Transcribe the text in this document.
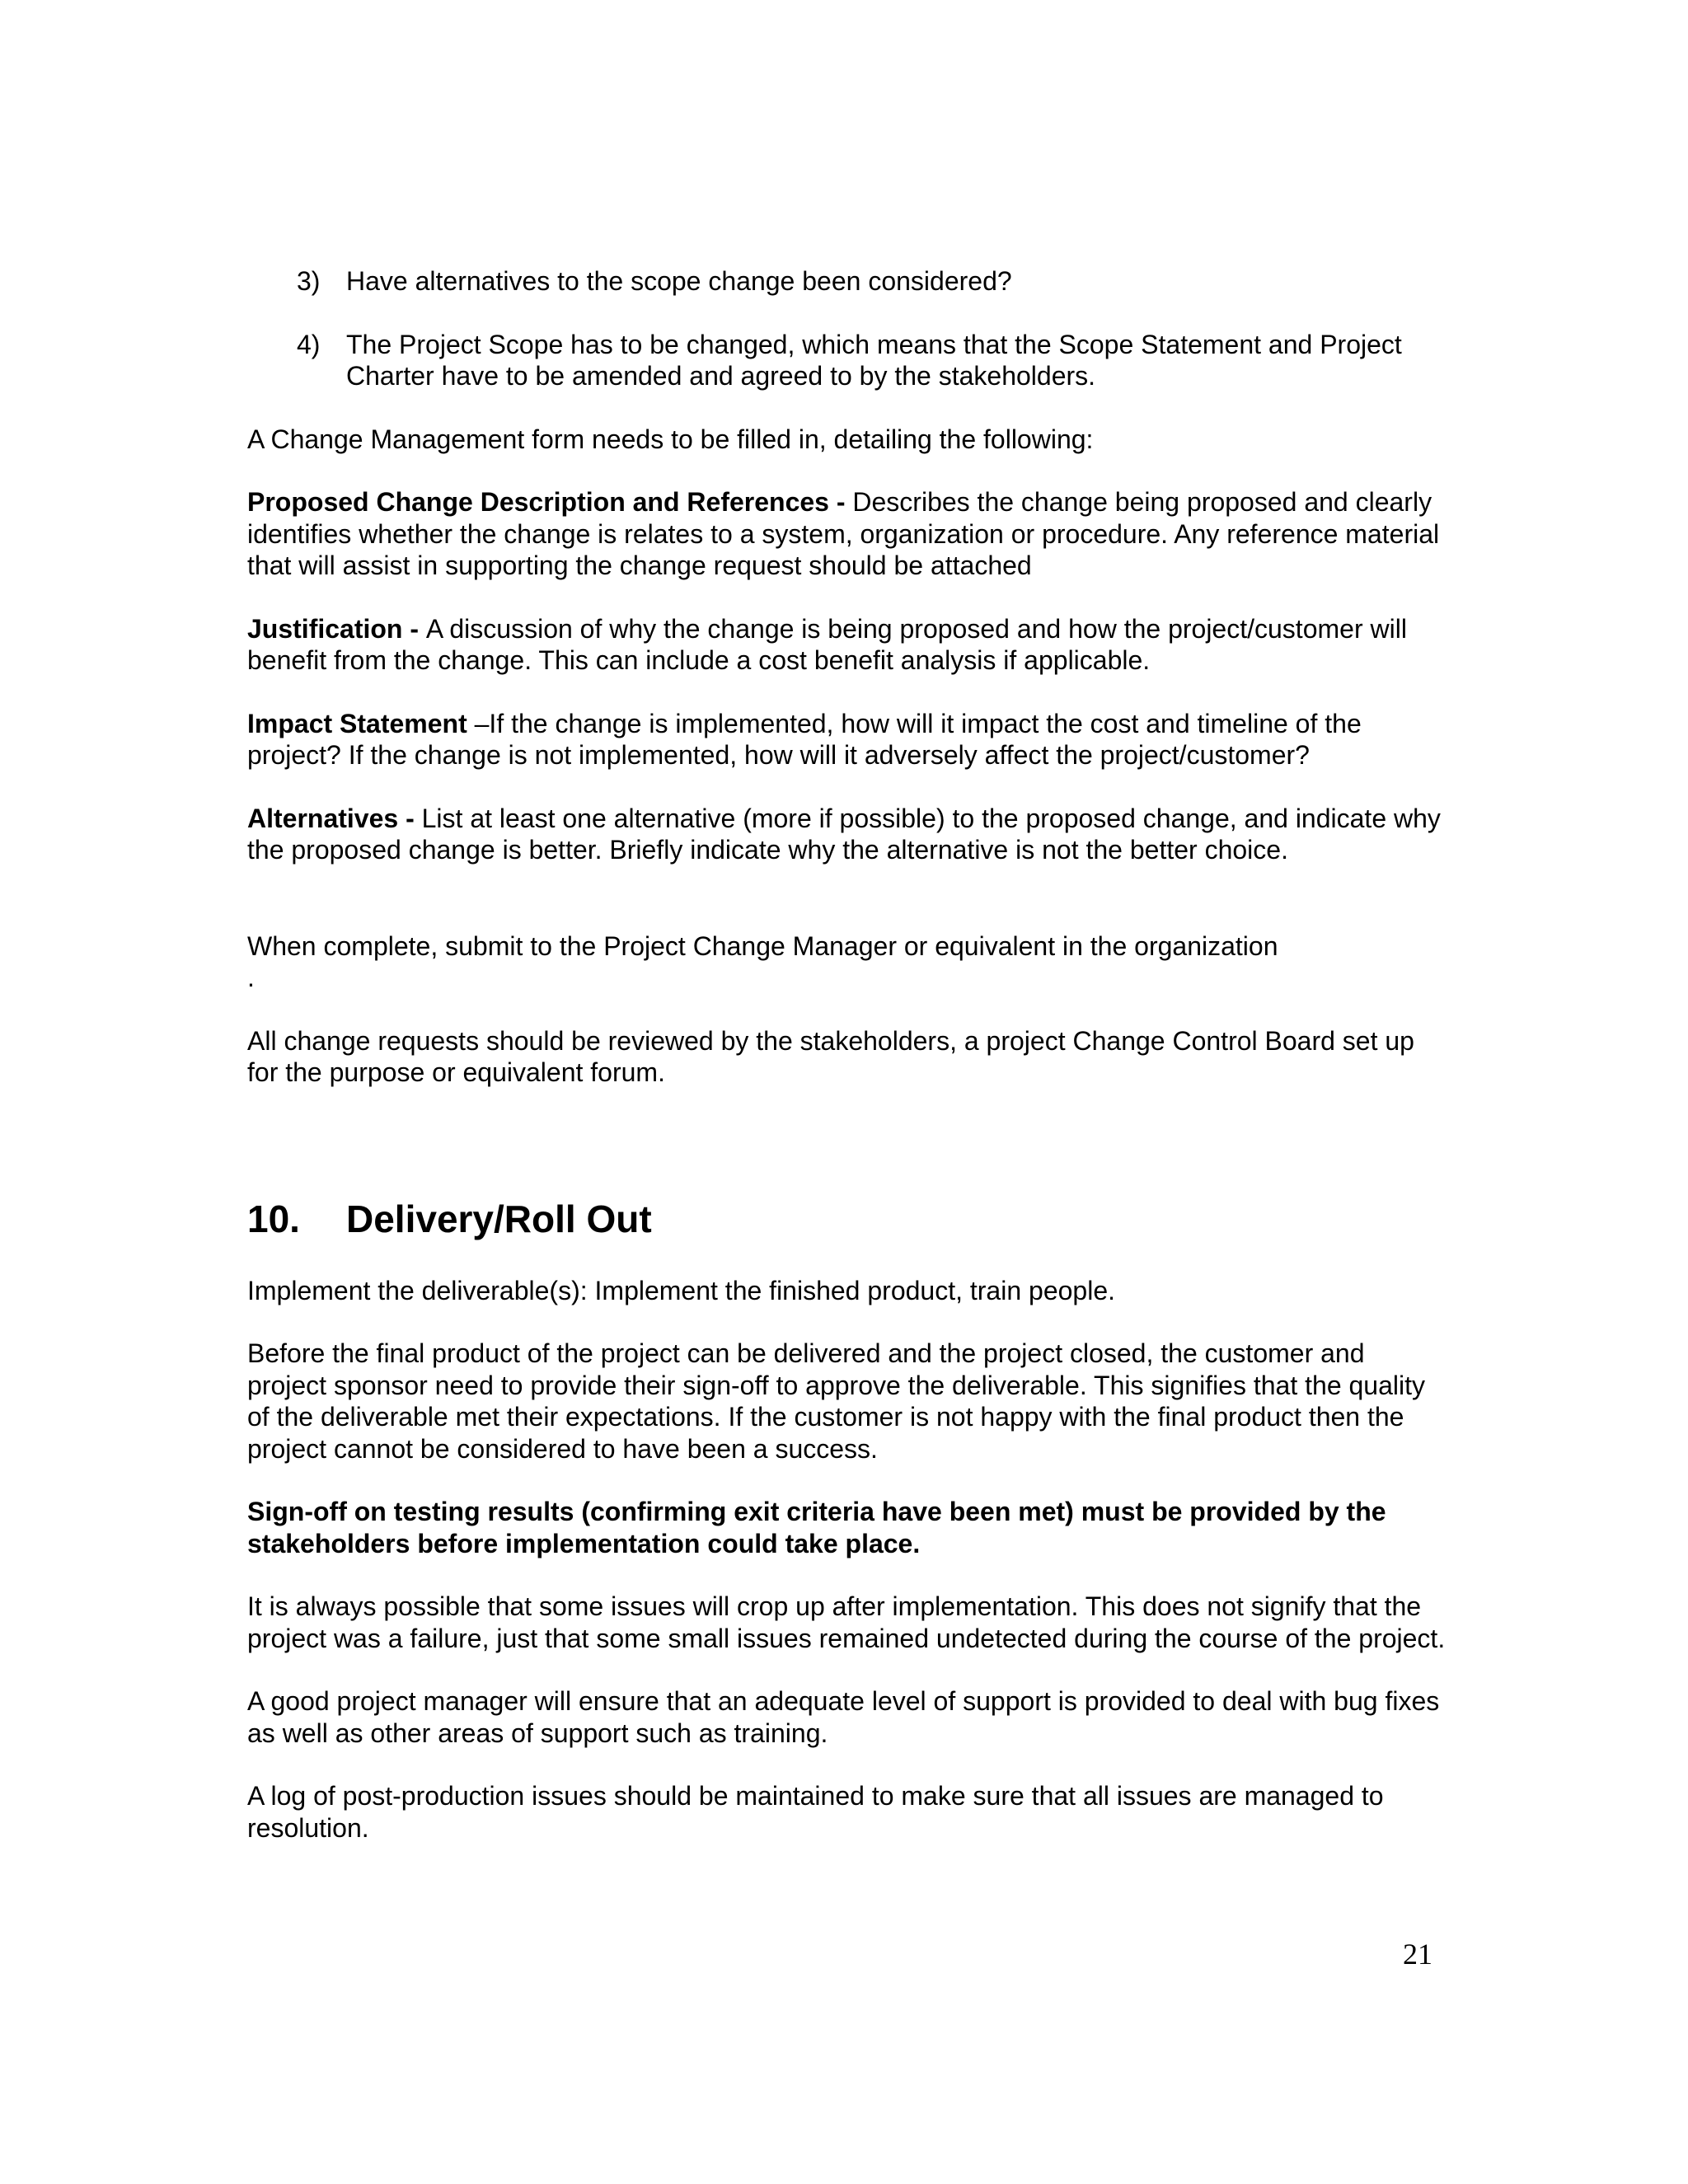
3) Have alternatives to the scope change been considered?
4) The Project Scope has to be changed, which means that the Scope Statement and Project Charter have to be amended and agreed to by the stakeholders.

A Change Management form needs to be filled in, detailing the following:

Proposed Change Description and References - Describes the change being proposed and clearly identifies whether the change is relates to a system, organization or procedure. Any reference material that will assist in supporting the change request should be attached

Justification - A discussion of why the change is being proposed and how the project/customer will benefit from the change. This can include a cost benefit analysis if applicable.

Impact Statement –If the change is implemented, how will it impact the cost and timeline of the project? If the change is not implemented, how will it adversely affect the project/customer?

Alternatives - List at least one alternative (more if possible) to the proposed change, and indicate why the proposed change is better. Briefly indicate why the alternative is not the better choice.

When complete, submit to the Project Change Manager or equivalent in the organization
.

All change requests should be reviewed by the stakeholders, a project Change Control Board set up for the purpose or equivalent forum.

10. Delivery/Roll Out

Implement the deliverable(s): Implement the finished product, train people.

Before the final product of the project can be delivered and the project closed, the customer and project sponsor need to provide their sign-off to approve the deliverable. This signifies that the quality of the deliverable met their expectations. If the customer is not happy with the final product then the project cannot be considered to have been a success.

Sign-off on testing results (confirming exit criteria have been met) must be provided by the stakeholders before implementation could take place.

It is always possible that some issues will crop up after implementation. This does not signify that the project was a failure, just that some small issues remained undetected during the course of the project.

A good project manager will ensure that an adequate level of support is provided to deal with bug fixes as well as other areas of support such as training.

A log of post-production issues should be maintained to make sure that all issues are managed to resolution.

21
